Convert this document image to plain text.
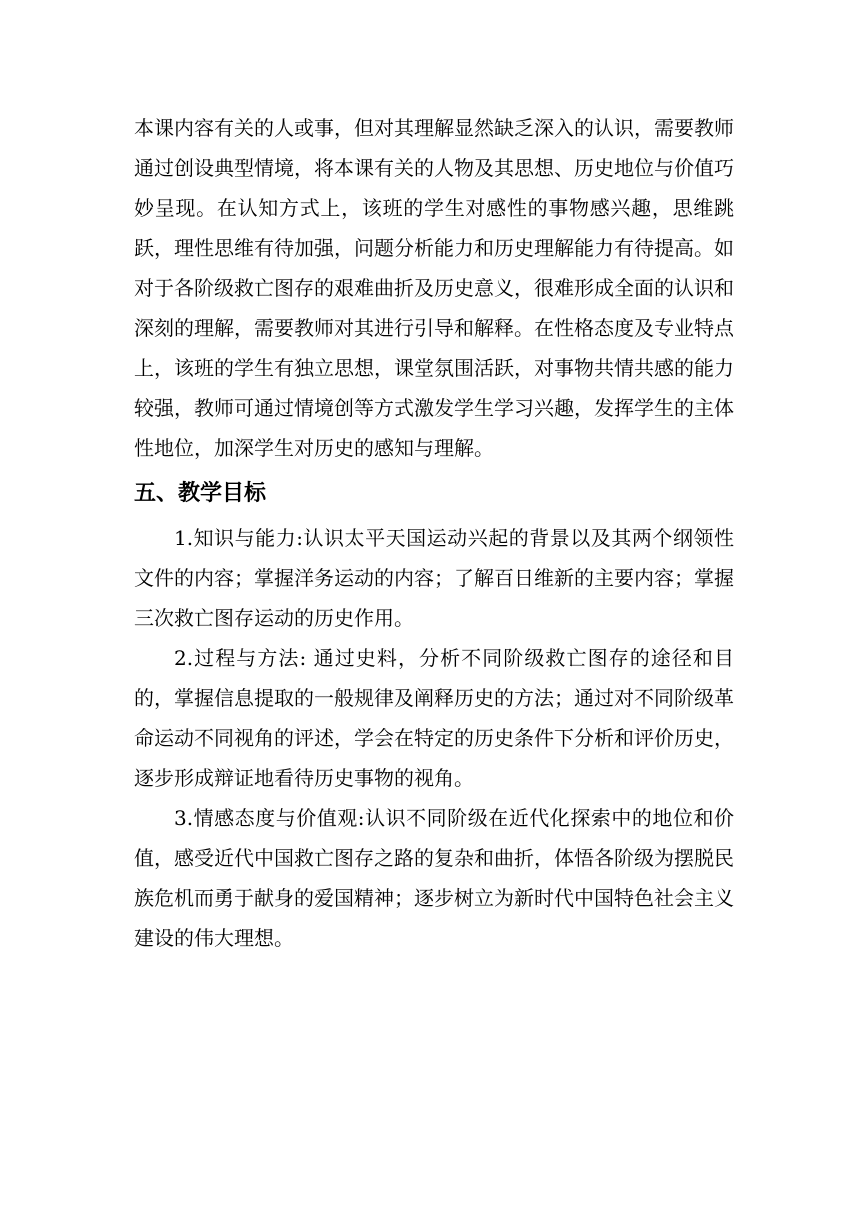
本课内容有关的人或事，但对其理解显然缺乏深入的认识，需要教师通过创设典型情境，将本课有关的人物及其思想、历史地位与价值巧妙呈现。在认知方式上，该班的学生对感性的事物感兴趣，思维跳跃，理性思维有待加强，问题分析能力和历史理解能力有待提高。如对于各阶级救亡图存的艰难曲折及历史意义，很难形成全面的认识和深刻的理解，需要教师对其进行引导和解释。在性格态度及专业特点上，该班的学生有独立思想，课堂氛围活跃，对事物共情共感的能力较强，教师可通过情境创等方式激发学生学习兴趣，发挥学生的主体性地位，加深学生对历史的感知与理解。

五、教学目标

1.知识与能力:认识太平天国运动兴起的背景以及其两个纲领性文件的内容；掌握洋务运动的内容；了解百日维新的主要内容；掌握三次救亡图存运动的历史作用。

2.过程与方法: 通过史料，分析不同阶级救亡图存的途径和目的，掌握信息提取的一般规律及阐释历史的方法；通过对不同阶级革命运动不同视角的评述，学会在特定的历史条件下分析和评价历史，逐步形成辩证地看待历史事物的视角。

3.情感态度与价值观:认识不同阶级在近代化探索中的地位和价值，感受近代中国救亡图存之路的复杂和曲折，体悟各阶级为摆脱民族危机而勇于献身的爱国精神；逐步树立为新时代中国特色社会主义建设的伟大理想。
